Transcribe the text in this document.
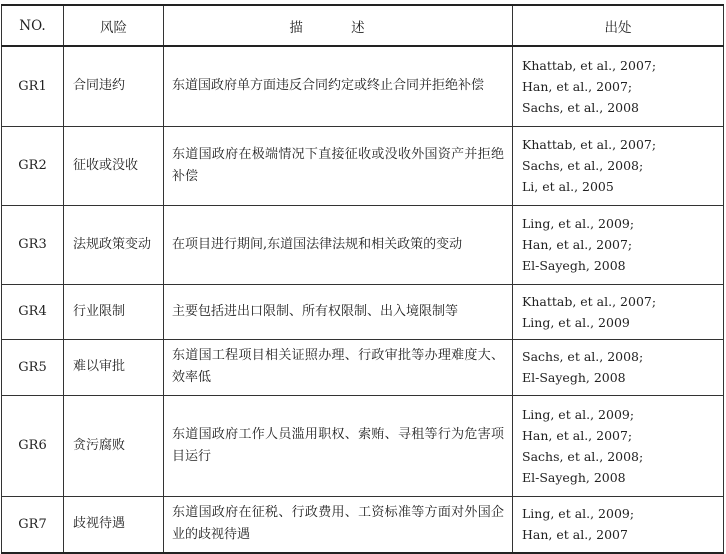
NO.	风险	描 述	出处
GR1	合同违约	东道国政府单方面违反合同约定或终止合同并拒绝补偿	Khattab, et al., 2007;
Han, et al., 2007;
Sachs, et al., 2008

GR2	征收或没收	东道国政府在极端情况下直接征收或没收外国资产并拒绝补偿	Khattab, et al., 2007;
Sachs, et al., 2008;
Li, et al., 2005

GR3	法规政策变动	在项目进行期间,东道国法律法规和相关政策的变动	Ling, et al., 2009;
Han, et al., 2007;
El-Sayegh, 2008

GR4	行业限制	主要包括进出口限制、所有权限制、出入境限制等	Khattab, et al., 2007;
Ling, et al., 2009

GR5	难以审批	东道国工程项目相关证照办理、行政审批等办理难度大、效率低	Sachs, et al., 2008;
El-Sayegh, 2008

GR6	贪污腐败	东道国政府工作人员滥用职权、索贿、寻租等行为危害项目运行	Ling, et al., 2009;
Han, et al., 2007;
Sachs, et al., 2008;
El-Sayegh, 2008

GR7	歧视待遇	东道国政府在征税、行政费用、工资标准等方面对外国企业的歧视待遇	Ling, et al., 2009;
Han, et al., 2007
